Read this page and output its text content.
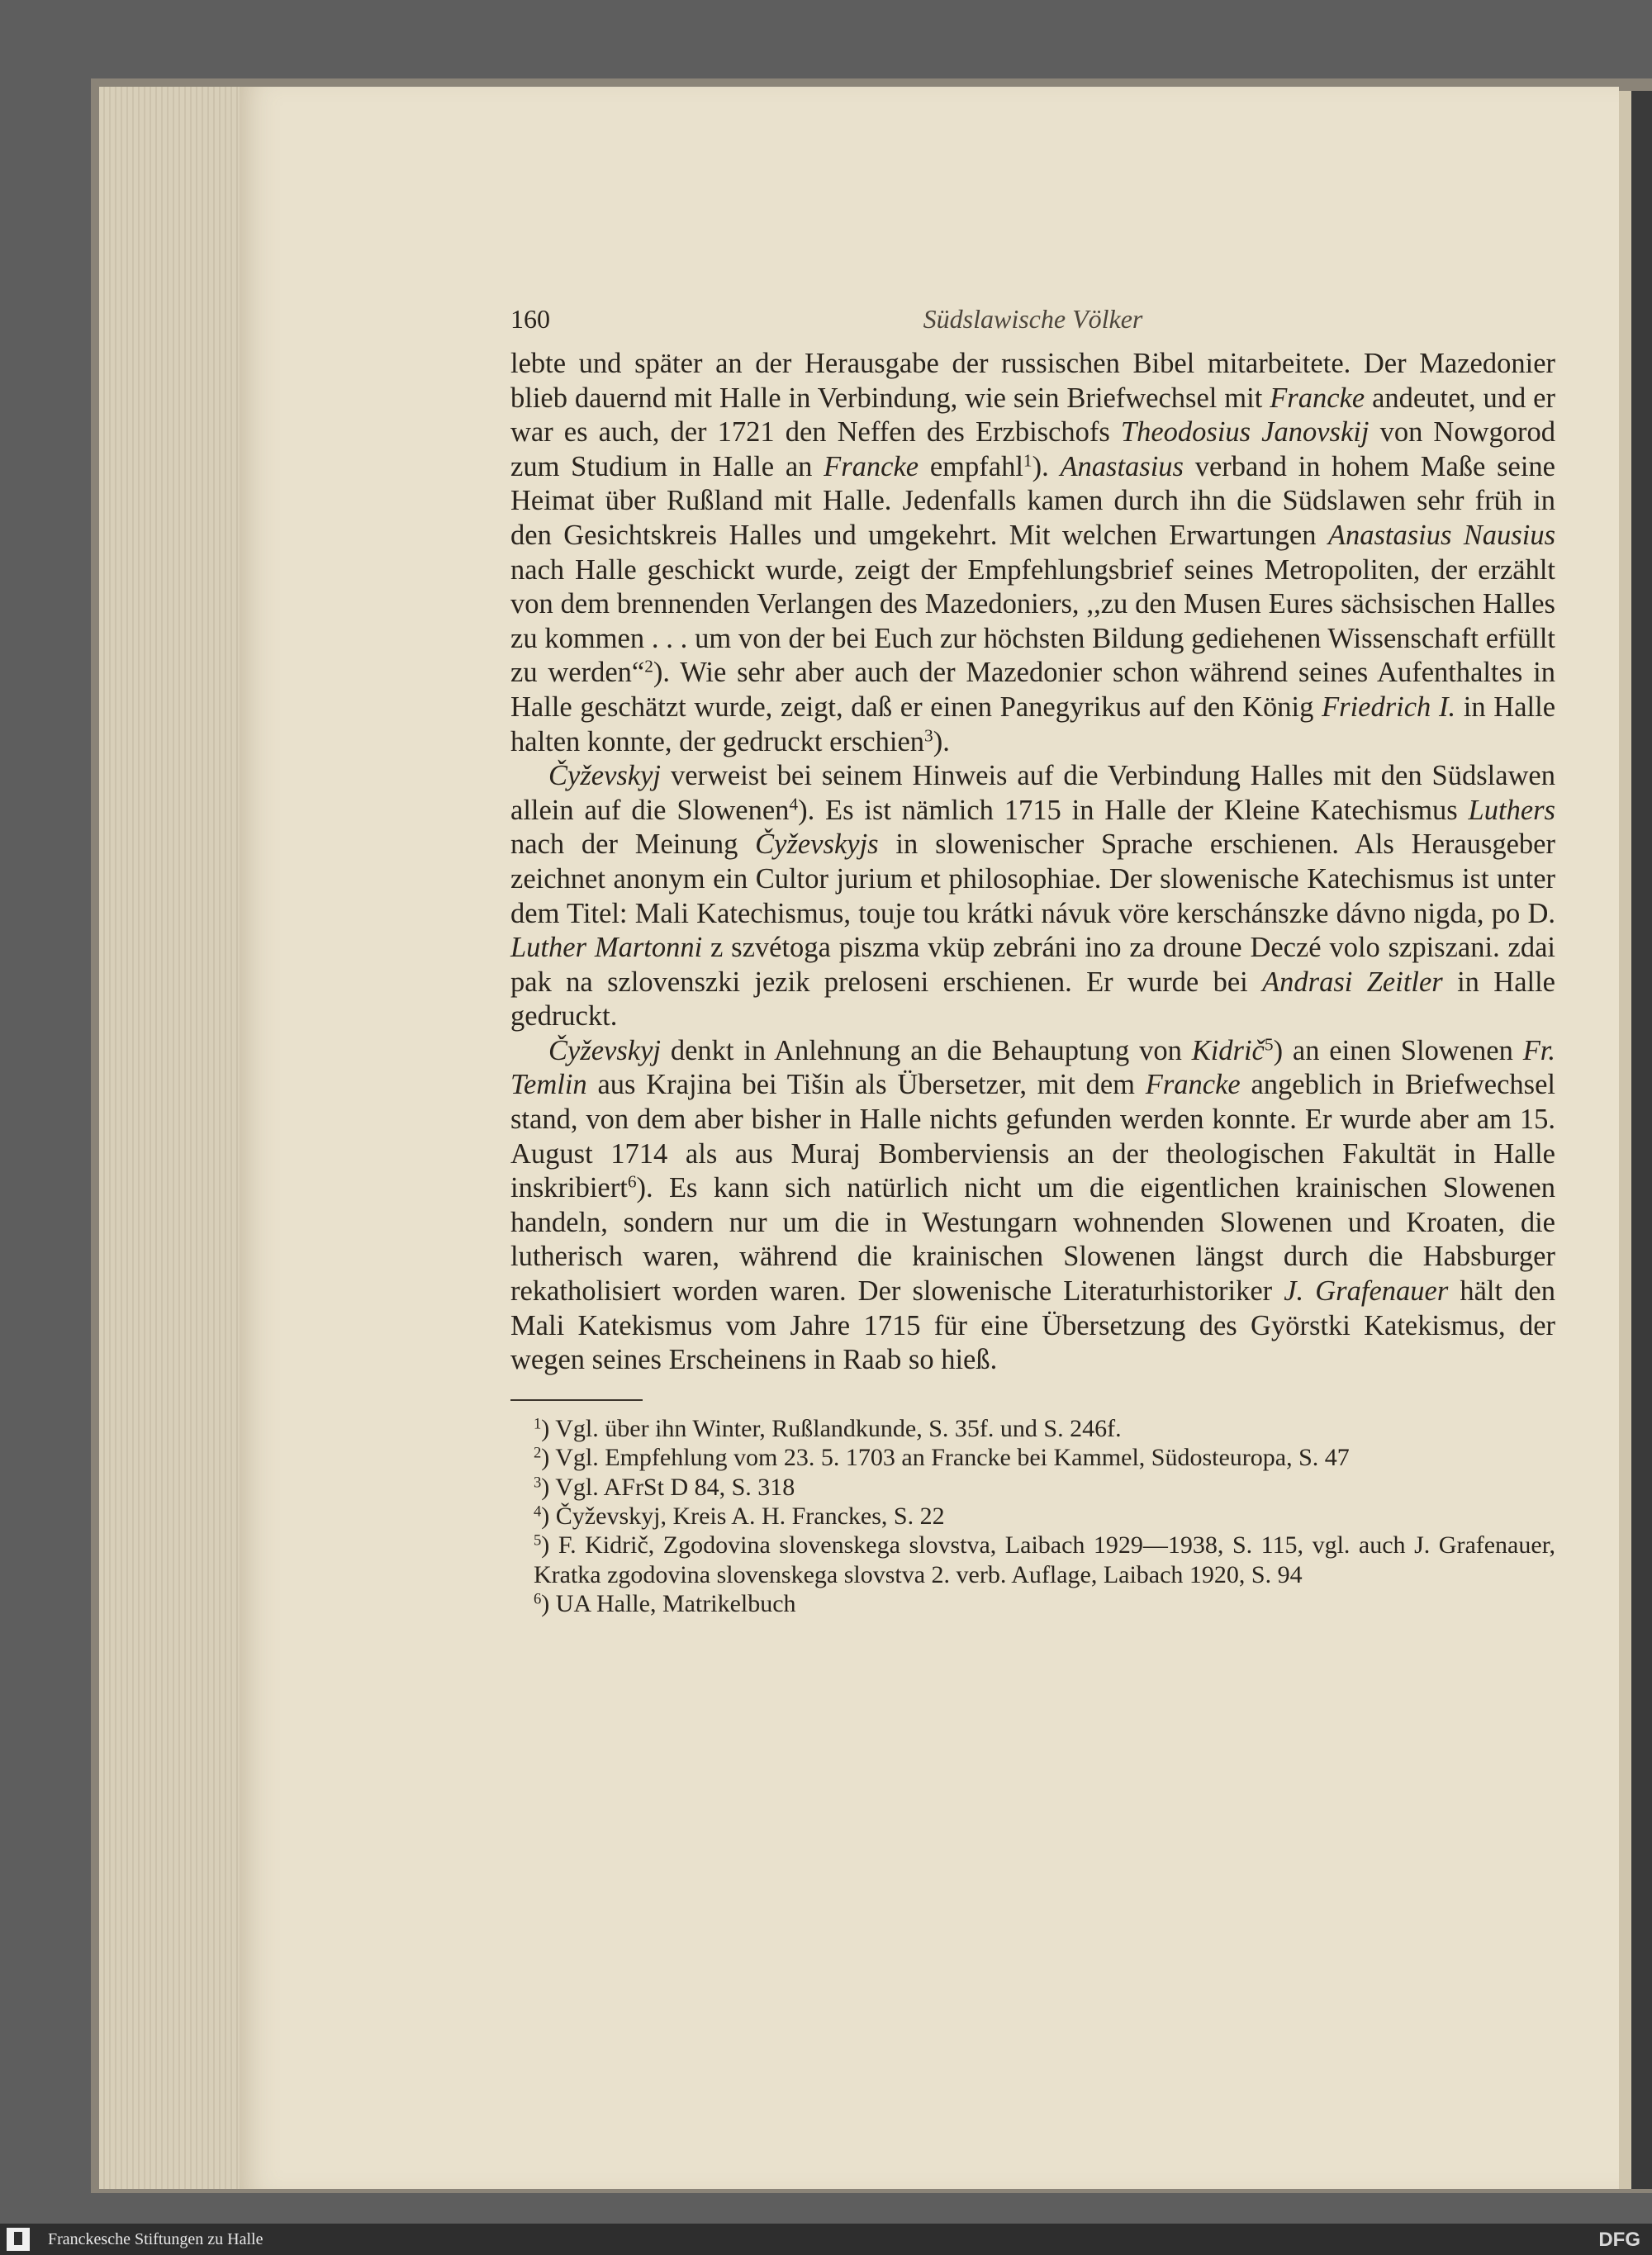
160	Südslawische Völker

lebte und später an der Herausgabe der russischen Bibel mitarbeitete. Der Mazedonier blieb dauernd mit Halle in Verbindung, wie sein Briefwechsel mit Francke andeutet, und er war es auch, der 1721 den Neffen des Erzbischofs Theodosius Janovskij von Nowgorod zum Studium in Halle an Francke empfahl$^1$). Anastasius verband in hohem Maße seine Heimat über Rußland mit Halle. Jedenfalls kamen durch ihn die Südslawen sehr früh in den Gesichtskreis Halles und umgekehrt. Mit welchen Erwartungen Anastasius Nausius nach Halle geschickt wurde, zeigt der Empfehlungsbrief seines Metropoliten, der erzählt von dem brennenden Verlangen des Mazedoniers, ,,zu den Musen Eures sächsischen Halles zu kommen . . . um von der bei Euch zur höchsten Bildung gediehenen Wissenschaft erfüllt zu werden“$^2$). Wie sehr aber auch der Mazedonier schon während seines Aufenthaltes in Halle geschätzt wurde, zeigt, daß er einen Panegyrikus auf den König Friedrich I. in Halle halten konnte, der gedruckt erschien$^3$).

Čyževskyj verweist bei seinem Hinweis auf die Verbindung Halles mit den Südslawen allein auf die Slowenen$^4$). Es ist nämlich 1715 in Halle der Kleine Katechismus Luthers nach der Meinung Čyževskyjs in slowenischer Sprache erschienen. Als Herausgeber zeichnet anonym ein Cultor jurium et philosophiae. Der slowenische Katechismus ist unter dem Titel: Mali Katechismus, touje tou krátki návuk vöre kerschánszke dávno nigda, po D. Luther Martonni z szvétoga piszma vküp zebráni ino za droune Deczé volo szpiszani. zdai pak na szlovenszki jezik preloseni erschienen. Er wurde bei Andrasi Zeitler in Halle gedruckt.

Čyževskyj denkt in Anlehnung an die Behauptung von Kidrič$^5$) an einen Slowenen Fr. Temlin aus Krajina bei Tišin als Übersetzer, mit dem Francke angeblich in Briefwechsel stand, von dem aber bisher in Halle nichts gefunden werden konnte. Er wurde aber am 15. August 1714 als aus Muraj Bomberviensis an der theologischen Fakultät in Halle inskribiert$^6$). Es kann sich natürlich nicht um die eigentlichen krainischen Slowenen handeln, sondern nur um die in Westungarn wohnenden Slowenen und Kroaten, die lutherisch waren, während die krainischen Slowenen längst durch die Habsburger rekatholisiert worden waren. Der slowenische Literaturhistoriker J. Grafenauer hält den Mali Katekismus vom Jahre 1715 für eine Übersetzung des Györstki Katekismus, der wegen seines Erscheinens in Raab so hieß.

$^1$) Vgl. über ihn Winter, Rußlandkunde, S. 35f. und S. 246f.

$^2$) Vgl. Empfehlung vom 23. 5. 1703 an Francke bei Kammel, Südosteuropa, S. 47

$^3$) Vgl. AFrSt D 84, S. 318

$^4$) Čyževskyj, Kreis A. H. Franckes, S. 22

$^5$) F. Kidrič, Zgodovina slovenskega slovstva, Laibach 1929—1938, S. 115, vgl. auch J. Grafenauer, Kratka zgodovina slovenskega slovstva 2. verb. Auflage, Laibach 1920, S. 94

$^6$) UA Halle, Matrikelbuch

Franckesche Stiftungen zu Halle	DFG
